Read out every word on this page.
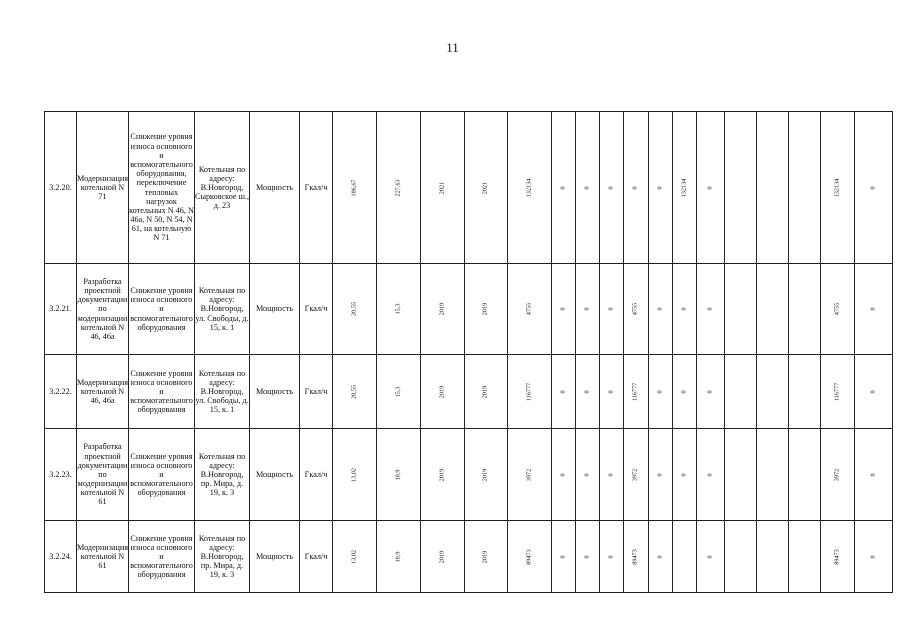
11
3.2.20.	Модернизация котельной N 71	Снижение уровня износа основного и вспомогательного оборудования, переключение тепловых нагрузок котельных N 46, N 46а, N 50, N 54, N 61, на котельную N 71	Котельная по адресу: В.Новгород, Сырковское ш., д. 23	Мощность	Гкал/ч	186,67	227,63	2021	2021	132134	0	0	0	0	0	132134	0				132134	0

3.2.21.	Разработка проектной документации по модернизации котельной N 46, 46а	Снижение уровня износа основного и вспомогательного оборудования	Котельная по адресу: В.Новгород, ул. Свободы, д. 15, к. 1	Мощность	Гкал/ч	20,55	15,3	2019	2019	4755	0	0	0	4755	0	0	0				4755	0

3.2.22.	Модернизация котельной N 46, 46а	Снижение уровня износа основного и вспомогательного оборудования	Котельная по адресу: В.Новгород, ул. Свободы, д. 15, к. 1	Мощность	Гкал/ч	20,55	15,3	2019	2019	116777	0	0	0	116777	0	0	0				116777	0

3.2.23.	Разработка проектной документации по модернизации котельной N 61	Снижение уровня износа основного и вспомогательного оборудования	Котельная по адресу: В.Новгород, пр. Мира, д. 19, к. 3	Мощность	Гкал/ч	13,02	10,9	2019	2019	3972	0	0	0	3972	0	0	0				3972	0

3.2.24.	Модернизация котельной N 61	Снижение уровня износа основного и вспомогательного оборудования	Котельная по адресу: В.Новгород, пр. Мира, д. 19, к. 3	Мощность	Гкал/ч	13,02	10,9	2019	2019	89473	0	0	0	89473	0		0				89473	0
